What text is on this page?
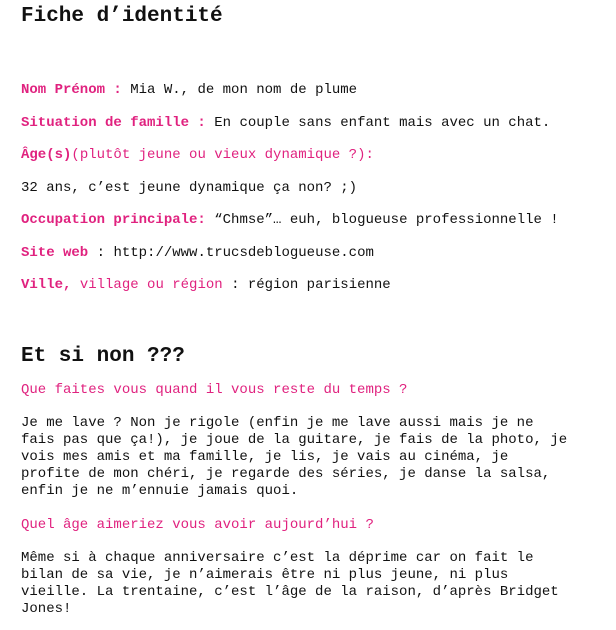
Fiche d’identité
Nom Prénom : Mia W., de mon nom de plume
Situation de famille : En couple sans enfant mais avec un chat.
Âge(s)(plutôt jeune ou vieux dynamique ?):
32 ans, c’est jeune dynamique ça non? ;)
Occupation principale: “Chmse”… euh, blogueuse professionnelle !
Site web : http://www.trucsdeblogueuse.com
Ville, village ou région : région parisienne
Et si non ???
Que faites vous quand il vous reste du temps ?
Je me lave ? Non je rigole (enfin je me lave aussi mais je ne
fais pas que ça!), je joue de la guitare, je fais de la photo, je
vois mes amis et ma famille, je lis, je vais au cinéma, je
profite de mon chéri, je regarde des séries, je danse la salsa,
enfin je ne m’ennuie jamais quoi.
Quel âge aimeriez vous avoir aujourd’hui ?
Même si à chaque anniversaire c’est la déprime car on fait le
bilan de sa vie, je n’aimerais être ni plus jeune, ni plus
vieille. La trentaine, c’est l’âge de la raison, d’après Bridget
Jones!
